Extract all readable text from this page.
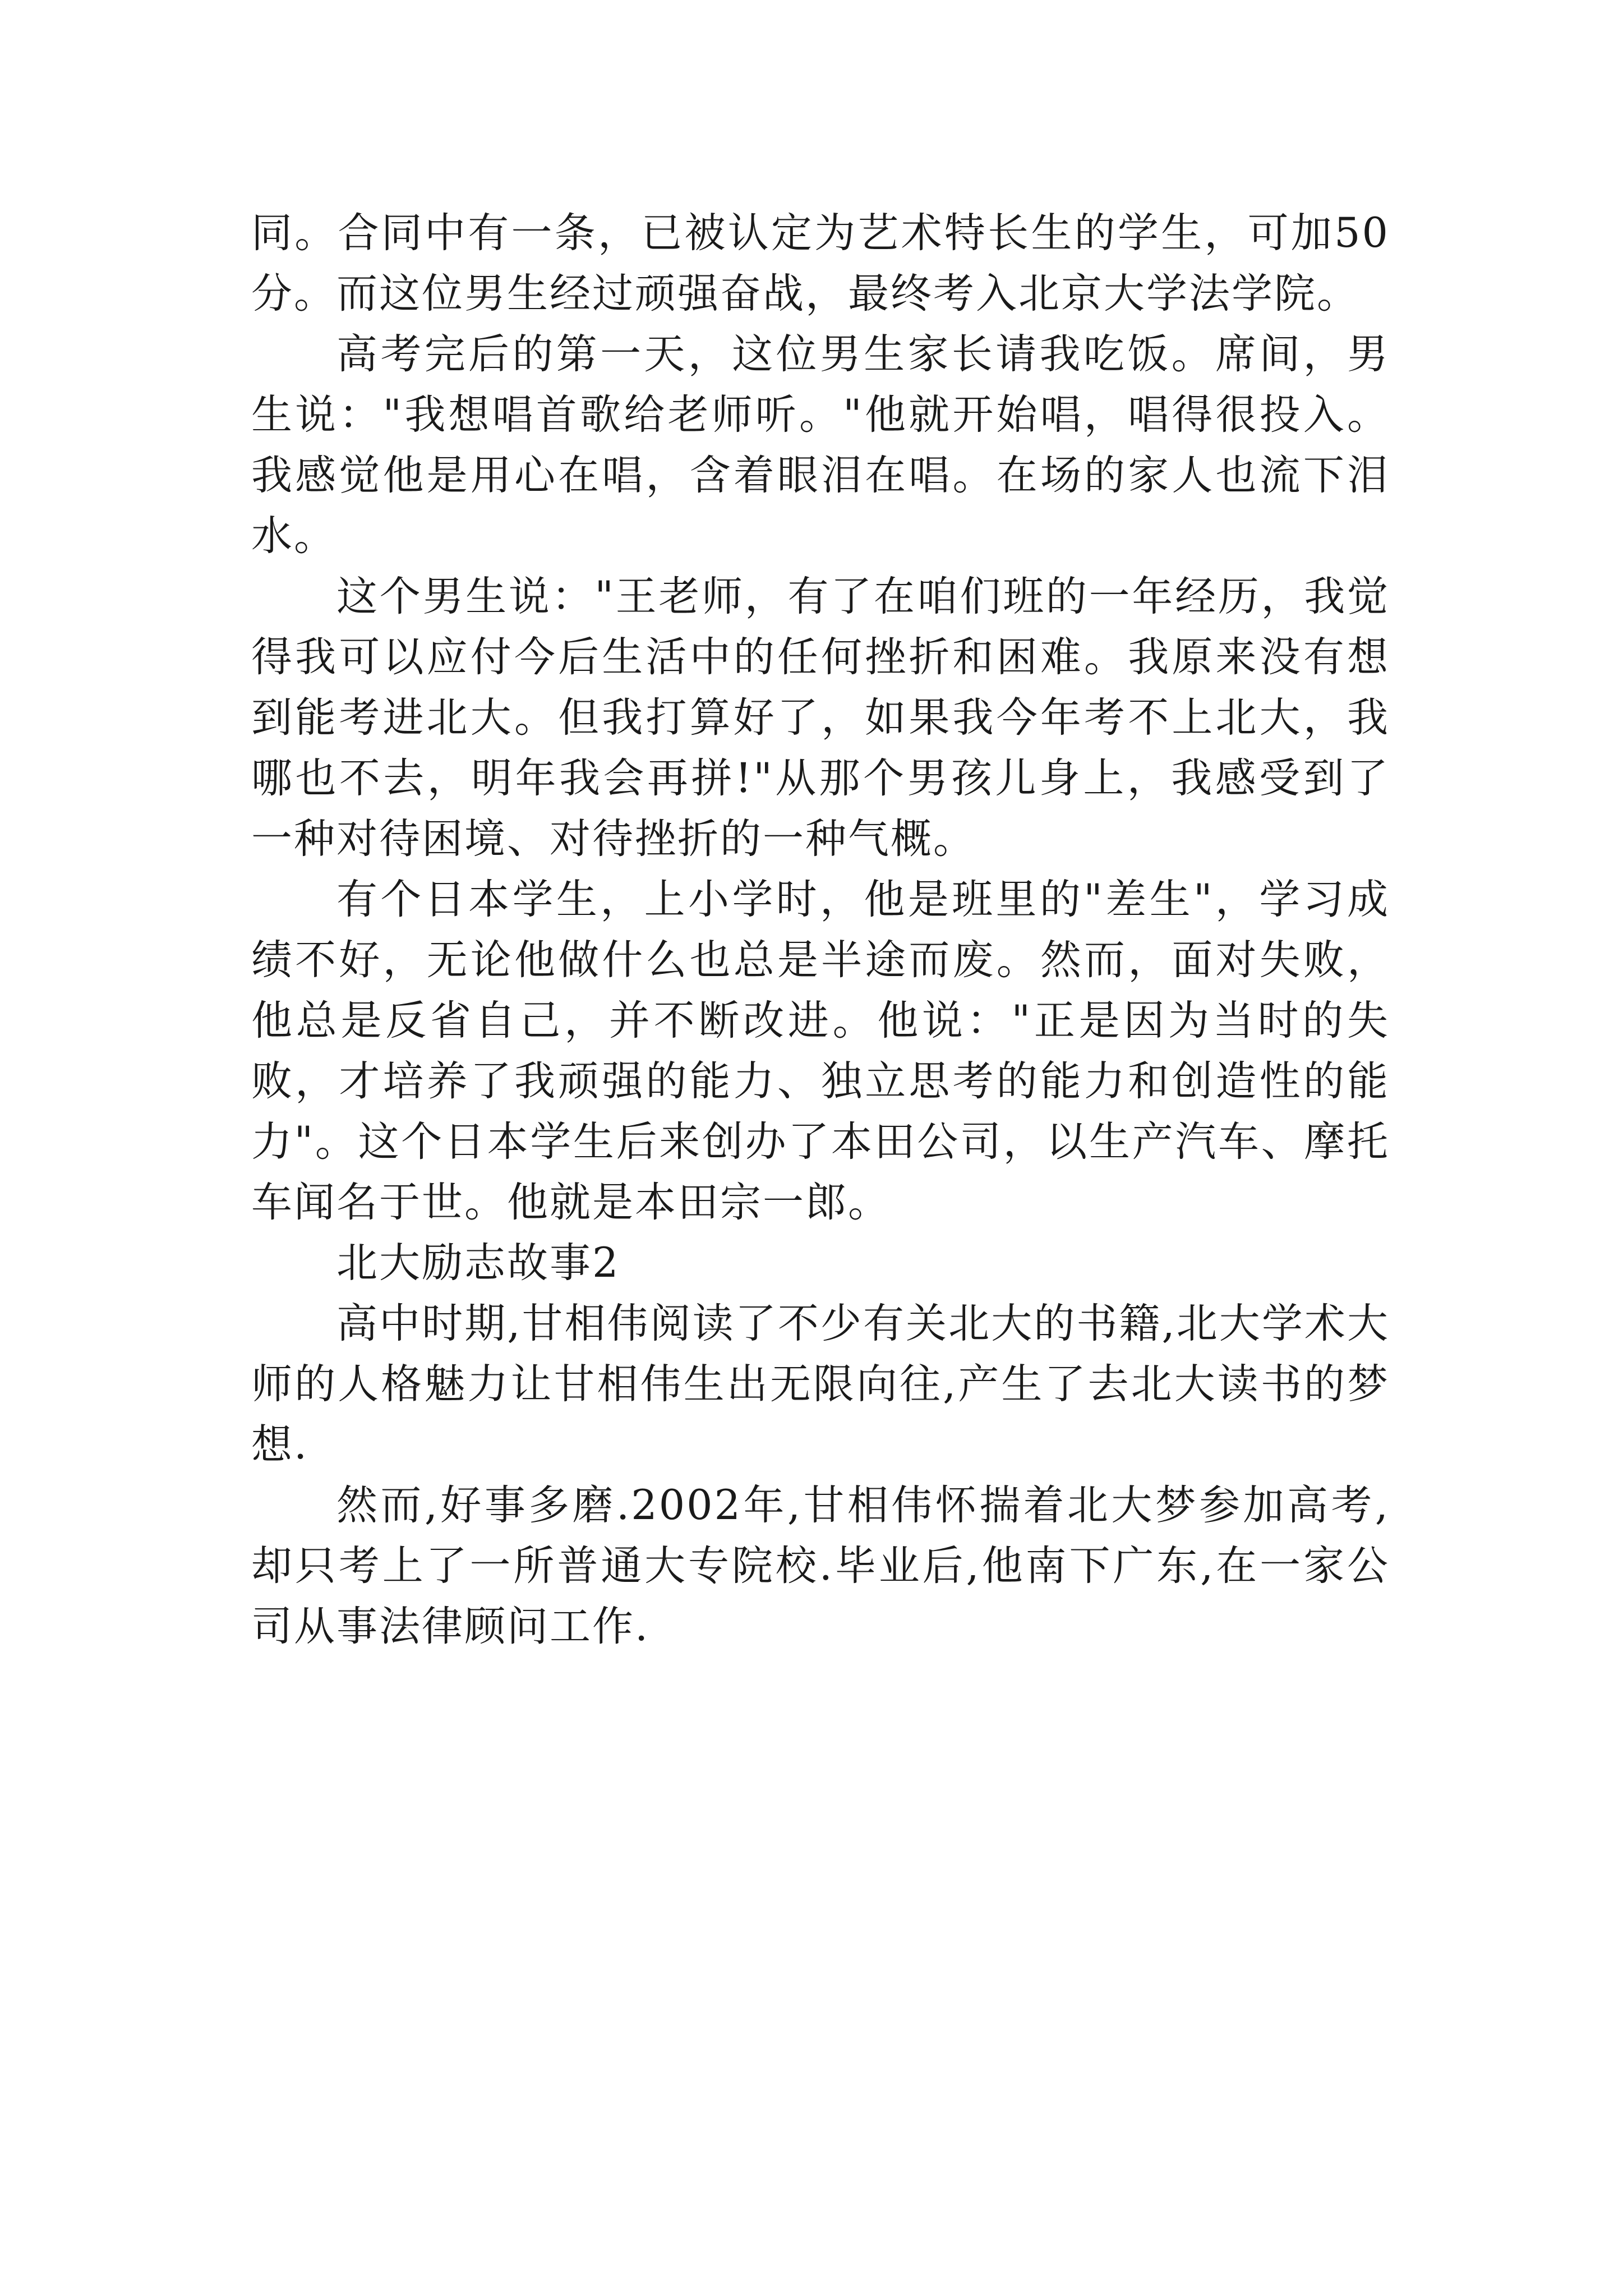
同。合同中有一条，已被认定为艺术特长生的学生，可加50分。而这位男生经过顽强奋战，最终考入北京大学法学院。

高考完后的第一天，这位男生家长请我吃饭。席间，男生说："我想唱首歌给老师听。"他就开始唱，唱得很投入。我感觉他是用心在唱，含着眼泪在唱。在场的家人也流下泪水。

这个男生说："王老师，有了在咱们班的一年经历，我觉得我可以应付今后生活中的任何挫折和困难。我原来没有想到能考进北大。但我打算好了，如果我今年考不上北大，我哪也不去，明年我会再拼!"从那个男孩儿身上，我感受到了一种对待困境、对待挫折的一种气概。

有个日本学生，上小学时，他是班里的"差生"，学习成绩不好，无论他做什么也总是半途而废。然而，面对失败，他总是反省自己，并不断改进。他说："正是因为当时的失败，才培养了我顽强的能力、独立思考的能力和创造性的能力"。这个日本学生后来创办了本田公司，以生产汽车、摩托车闻名于世。他就是本田宗一郎。

北大励志故事2

高中时期,甘相伟阅读了不少有关北大的书籍,北大学术大师的人格魅力让甘相伟生出无限向往,产生了去北大读书的梦想.

然而,好事多磨.2002年,甘相伟怀揣着北大梦参加高考,却只考上了一所普通大专院校.毕业后,他南下广东,在一家公司从事法律顾问工作.
